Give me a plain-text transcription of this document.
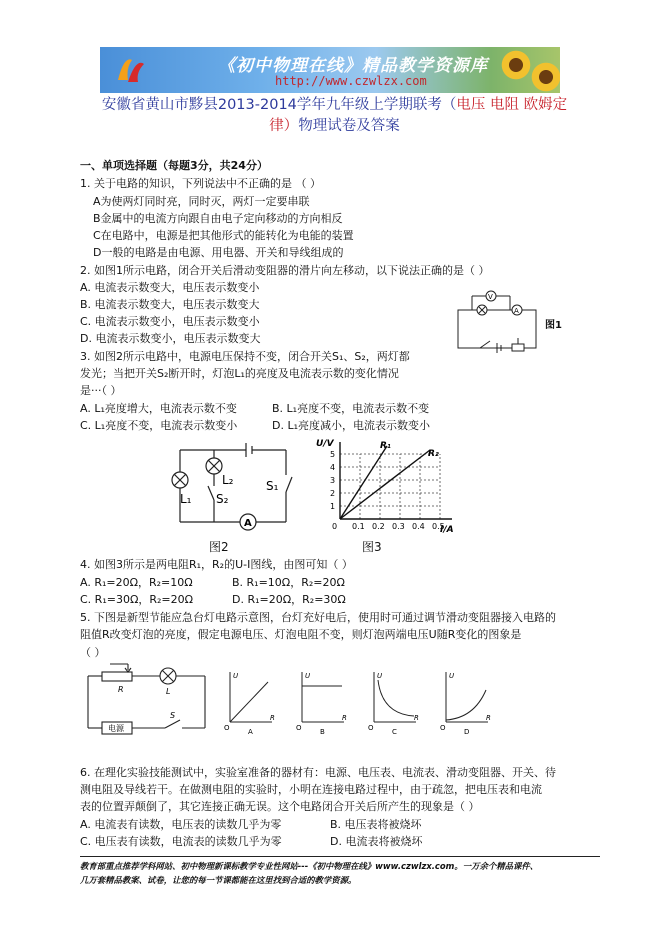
《初中物理在线》精品教学资源库
http://www.czwlzx.com
安徽省黄山市黟县2013-2014学年九年级上学期联考（电压 电阻 欧姆定
律）物理试卷及答案
一、单项选择题（每题3分，共24分）
1. 关于电路的知识，下列说法中不正确的是 （ ）
A为使两灯同时亮，同时灭，两灯一定要串联
B金属中的电流方向跟自由电子定向移动的方向相反
C在电路中，电源是把其他形式的能转化为电能的装置
D一般的电路是由电源、用电器、开关和导线组成的
2. 如图1所示电路，闭合开关后滑动变阻器的滑片向左移动，以下说法正确的是（ ）
A. 电流表示数变大，电压表示数变小
B. 电流表示数变大，电压表示数变大
C. 电流表示数变小，电压表示数变小
D. 电流表示数变小，电压表示数变大
V
A
图1
3. 如图2所示电路中，电源电压保持不变，闭合开关S₁、S₂，两灯都
发光；当把开关S₂断开时，灯泡L₁的亮度及电流表示数的变化情况
是···（ ）
A. L₁亮度增大，电流表示数不变	B. L₁亮度不变，电流表示数不变
C. L₁亮度不变，电流表示数变小	D. L₁亮度减小，电流表示数变小
A
L₁
L₂
S₂
S₁
图2
U/V
I/A
R₁
R₂
1
2
3
4
5
0 0.1 0.2 0.3 0.4 0.5
图3
4. 如图3所示是两电阻R₁，R₂的U-I图线，由图可知（ ）
A. R₁=20Ω，R₂=10Ω	B. R₁=10Ω，R₂=20Ω
C. R₁=30Ω，R₂=20Ω	D. R₁=20Ω，R₂=30Ω
5. 下图是新型节能应急台灯电路示意图，台灯充好电后，使用时可通过调节滑动变阻器接入电路的
阻值R改变灯泡的亮度，假定电源电压、灯泡电阻不变，则灯泡两端电压U随R变化的图象是
（ ）
R	L
S
电源
U	U	U	U
R	R	R	R
O	O	O	O
A	B	C	D
6. 在理化实验技能测试中，实验室准备的器材有：电源、电压表、电流表、滑动变阻器、开关、待
测电阻及导线若干。在做测电阻的实验时，小明在连接电路过程中，由于疏忽，把电压表和电流
表的位置弄颠倒了，其它连接正确无误。这个电路闭合开关后所产生的现象是（ ）
A. 电流表有读数，电压表的读数几乎为零	B. 电压表将被烧坏
C. 电压表有读数，电流表的读数几乎为零	D. 电流表将被烧坏
教育部重点推荐学科网站、初中物理新课标教学专业性网站---《初中物理在线》www.czwlzx.com。一万余个精品课件、
几万套精品教案、试卷，让您的每一节课都能在这里找到合适的教学资源。
